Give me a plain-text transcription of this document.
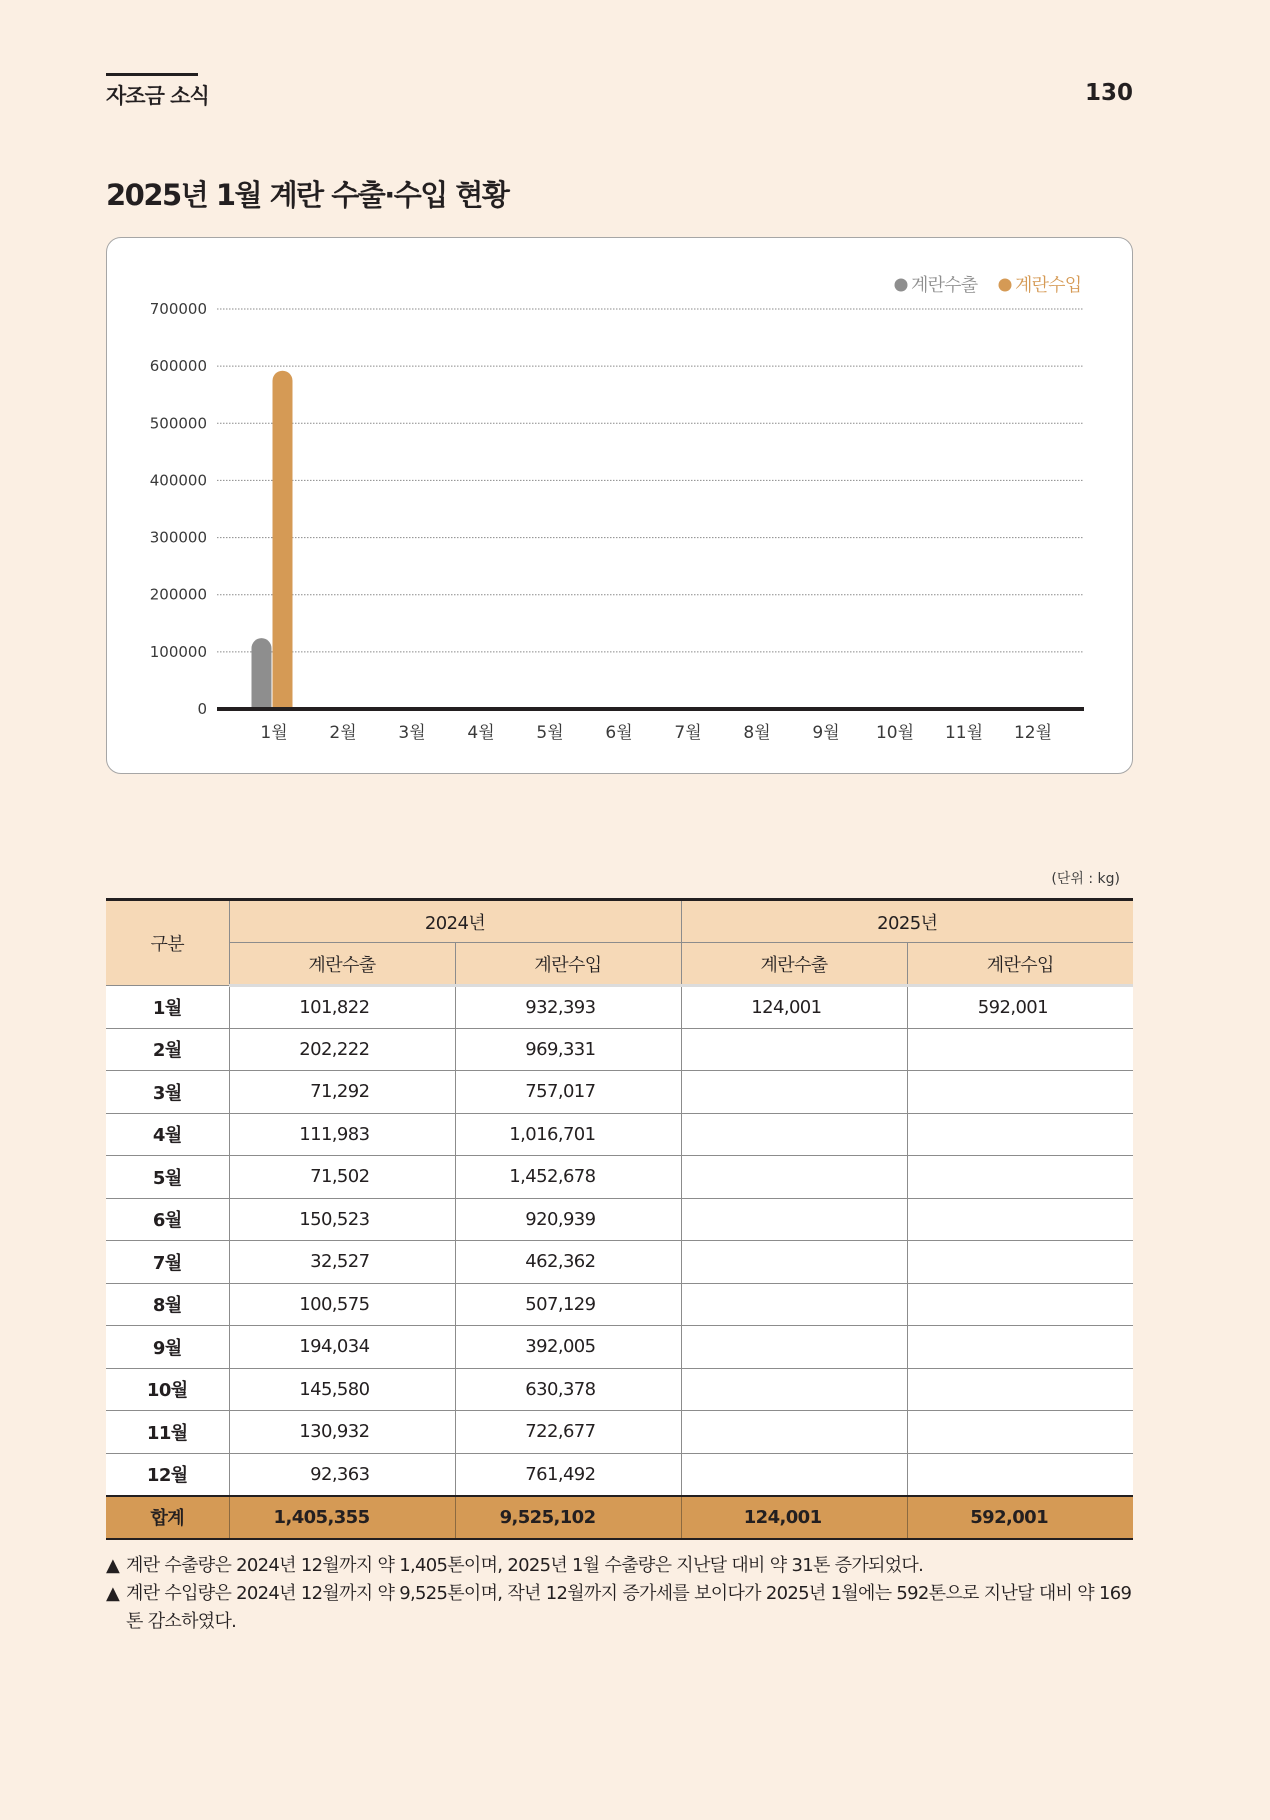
자조금 소식	130
2025년 1월 계란 수출·수입 현황
0
100000
200000
300000
400000
500000
600000
700000
1월 2월 3월 4월 5월 6월 7월 8월 9월 10월 11월 12월
계란수출 계란수입
(단위 : kg)
구분	2024년		2025년	
	계란수출	계란수입	계란수출	계란수입
1월	101,822	932,393	124,001	592,001
2월	202,222	969,331		
3월	71,292	757,017		
4월	111,983	1,016,701		
5월	71,502	1,452,678		
6월	150,523	920,939		
7월	32,527	462,362		
8월	100,575	507,129		
9월	194,034	392,005		
10월	145,580	630,378		
11월	130,932	722,677		
12월	92,363	761,492		
합계	1,405,355	9,525,102	124,001	592,001
▲ 계란 수출량은 2024년 12월까지 약 1,405톤이며, 2025년 1월 수출량은 지난달 대비 약 31톤 증가되었다.
▲ 계란 수입량은 2024년 12월까지 약 9,525톤이며, 작년 12월까지 증가세를 보이다가 2025년 1월에는 592톤으로 지난달 대비 약 169톤 감소하였다.
